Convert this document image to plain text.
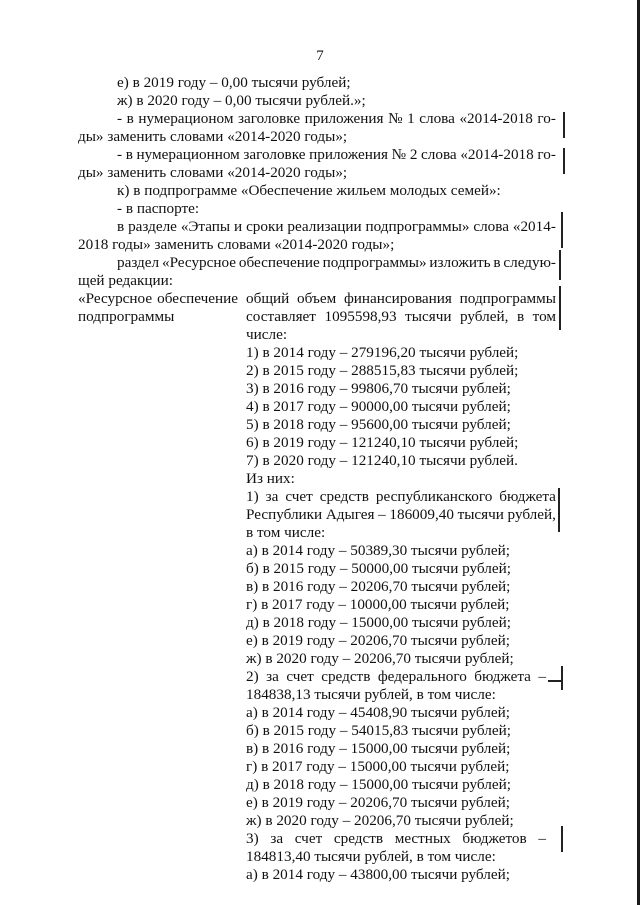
7
е) в 2019 году – 0,00 тысячи рублей;
ж) в 2020 году – 0,00 тысячи рублей.»;
- в нумерационом заголовке приложения № 1 слова «2014-2018 го-
ды» заменить словами «2014-2020 годы»;
- в нумерационном заголовке приложения № 2 слова «2014-2018 го-
ды» заменить словами «2014-2020 годы»;
к) в подпрограмме «Обеспечение жильем молодых семей»:
- в паспорте:
в разделе «Этапы и сроки реализации подпрограммы» слова «2014-
2018 годы» заменить словами «2014-2020 годы»;
раздел «Ресурсное обеспечение подпрограммы» изложить в следую-
щей редакции:
«Ресурсное обеспечение
подпрограммы
общий объем финансирования подпрограммы
составляет 1095598,93 тысячи рублей, в том
числе:
1) в 2014 году – 279196,20 тысячи рублей;
2) в 2015 году – 288515,83 тысячи рублей;
3) в 2016 году – 99806,70 тысячи рублей;
4) в 2017 году – 90000,00 тысячи рублей;
5) в 2018 году – 95600,00 тысячи рублей;
6) в 2019 году – 121240,10 тысячи рублей;
7) в 2020 году – 121240,10 тысячи рублей.
Из них:
1) за счет средств республиканского бюджета
Республики Адыгея – 186009,40 тысячи рублей,
в том числе:
а) в 2014 году – 50389,30 тысячи рублей;
б) в 2015 году – 50000,00 тысячи рублей;
в) в 2016 году – 20206,70 тысячи рублей;
г) в 2017 году – 10000,00 тысячи рублей;
д) в 2018 году – 15000,00 тысячи рублей;
е) в 2019 году – 20206,70 тысячи рублей;
ж) в 2020 году – 20206,70 тысячи рублей;
2) за счет средств федерального бюджета –
184838,13 тысячи рублей, в том числе:
а) в 2014 году – 45408,90 тысячи рублей;
б) в 2015 году – 54015,83 тысячи рублей;
в) в 2016 году – 15000,00 тысячи рублей;
г) в 2017 году – 15000,00 тысячи рублей;
д) в 2018 году – 15000,00 тысячи рублей;
е) в 2019 году – 20206,70 тысячи рублей;
ж) в 2020 году – 20206,70 тысячи рублей;
3) за счет средств местных бюджетов –
184813,40 тысячи рублей, в том числе:
а) в 2014 году – 43800,00 тысячи рублей;
